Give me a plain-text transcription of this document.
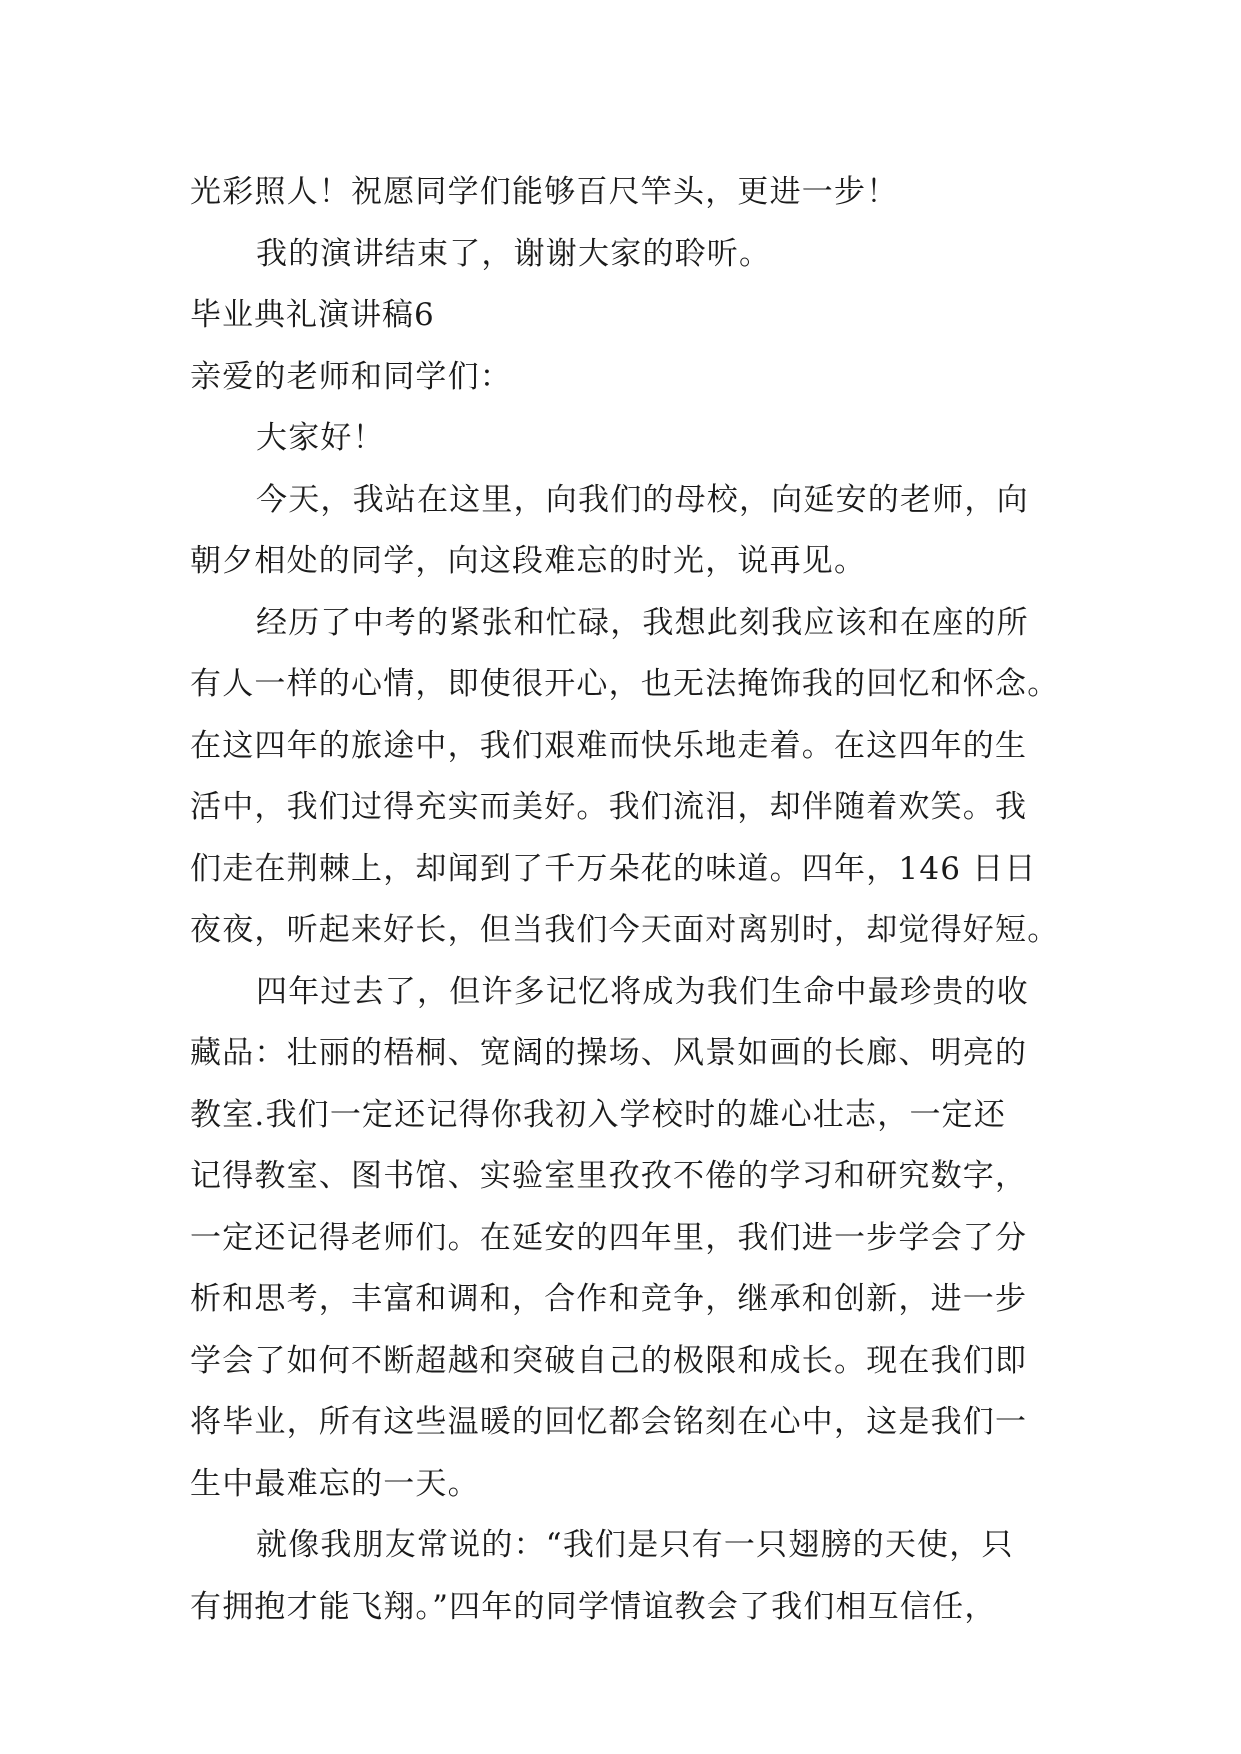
光彩照人！祝愿同学们能够百尺竿头，更进一步！
我的演讲结束了，谢谢大家的聆听。
毕业典礼演讲稿6
亲爱的老师和同学们：
大家好！
今天，我站在这里，向我们的母校，向延安的老师，向
朝夕相处的同学，向这段难忘的时光，说再见。
经历了中考的紧张和忙碌，我想此刻我应该和在座的所
有人一样的心情，即使很开心，也无法掩饰我的回忆和怀念。
在这四年的旅途中，我们艰难而快乐地走着。在这四年的生
活中，我们过得充实而美好。我们流泪，却伴随着欢笑。我
们走在荆棘上，却闻到了千万朵花的味道。四年，146 日日
夜夜，听起来好长，但当我们今天面对离别时，却觉得好短。
四年过去了，但许多记忆将成为我们生命中最珍贵的收
藏品：壮丽的梧桐、宽阔的操场、风景如画的长廊、明亮的
教室.我们一定还记得你我初入学校时的雄心壮志，一定还
记得教室、图书馆、实验室里孜孜不倦的学习和研究数字，
一定还记得老师们。在延安的四年里，我们进一步学会了分
析和思考，丰富和调和，合作和竞争，继承和创新，进一步
学会了如何不断超越和突破自己的极限和成长。现在我们即
将毕业，所有这些温暖的回忆都会铭刻在心中，这是我们一
生中最难忘的一天。
就像我朋友常说的：“我们是只有一只翅膀的天使，只
有拥抱才能飞翔。”四年的同学情谊教会了我们相互信任，
